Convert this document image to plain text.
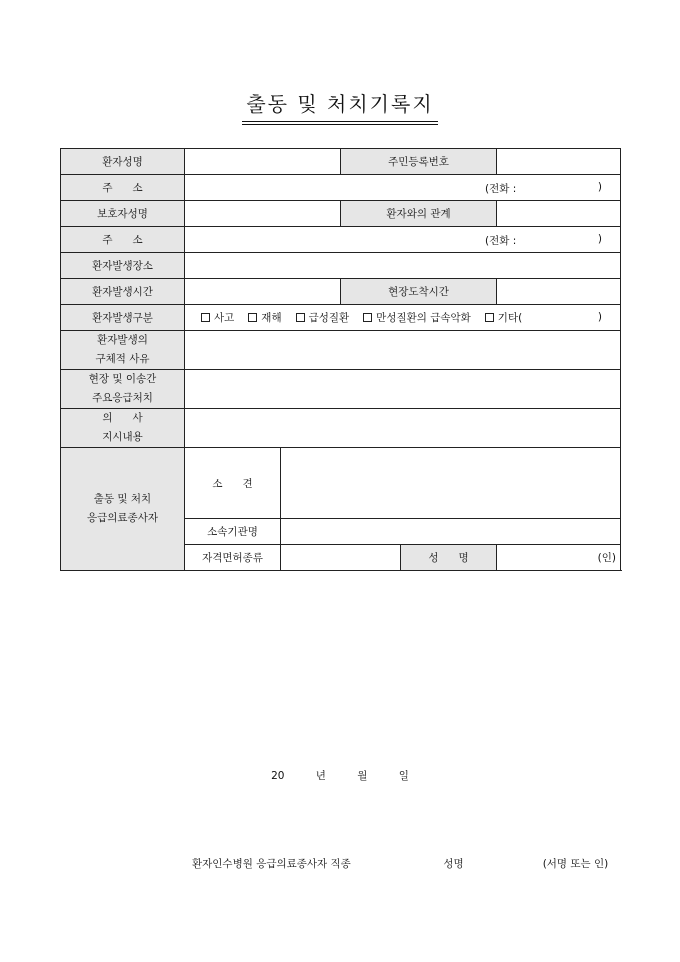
출동 및 처치기록지
환자성명			주민등록번호		
주      소	(전화 : )				

보호자성명			환자와의 관계		
주      소	(전화 : )				

환자발생장소					
환자발생시간			현장도착시간		
환자발생구분	사고 재해 급성질환 만성질환의 급속악화 기타( )				

환자발생의
구체적 사유					
현장 및 이송간
주요응급처치					
의      사
지시내용					
출동 및 처치
응급의료종사자	소      견				
	소속기관명				
	자격면허종류			성      명	(인)
20	년	월	일
환자인수병원 응급의료종사자 직종	성명	(서명 또는 인)
